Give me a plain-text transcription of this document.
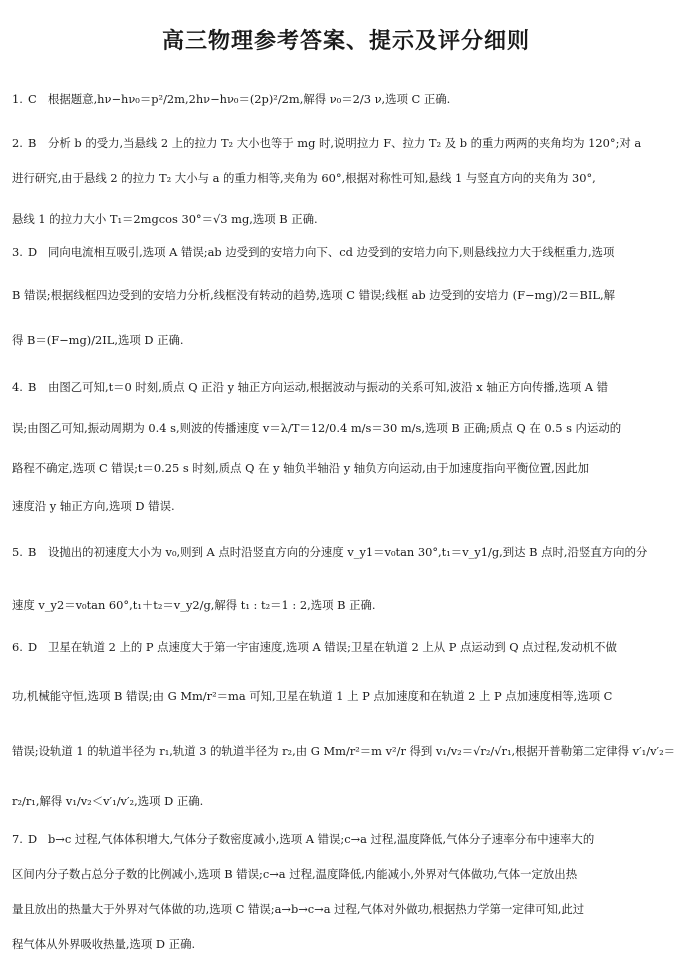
高三物理参考答案、提示及评分细则
1. C 根据题意,hν−hν₀＝p²/2m,2hν−hν₀＝(2p)²/2m,解得 ν₀＝2/3 ν,选项 C 正确.
2. B 分析 b 的受力,当悬线 2 上的拉力 T₂ 大小也等于 mg 时,说明拉力 F、拉力 T₂ 及 b 的重力两两的夹角均为 120°;对 a
进行研究,由于悬线 2 的拉力 T₂ 大小与 a 的重力相等,夹角为 60°,根据对称性可知,悬线 1 与竖直方向的夹角为 30°,
悬线 1 的拉力大小 T₁＝2mgcos 30°＝√3 mg,选项 B 正确.
3. D 同向电流相互吸引,选项 A 错误;ab 边受到的安培力向下、cd 边受到的安培力向下,则悬线拉力大于线框重力,选项
B 错误;根据线框四边受到的安培力分析,线框没有转动的趋势,选项 C 错误;线框 ab 边受到的安培力 (F−mg)/2＝BIL,解
得 B＝(F−mg)/2IL,选项 D 正确.
4. B 由图乙可知,t＝0 时刻,质点 Q 正沿 y 轴正方向运动,根据波动与振动的关系可知,波沿 x 轴正方向传播,选项 A 错
误;由图乙可知,振动周期为 0.4 s,则波的传播速度 v＝λ/T＝12/0.4 m/s＝30 m/s,选项 B 正确;质点 Q 在 0.5 s 内运动的
路程不确定,选项 C 错误;t＝0.25 s 时刻,质点 Q 在 y 轴负半轴沿 y 轴负方向运动,由于加速度指向平衡位置,因此加
速度沿 y 轴正方向,选项 D 错误.
5. B 设抛出的初速度大小为 v₀,则到 A 点时沿竖直方向的分速度 v_y1＝v₀tan 30°,t₁＝v_y1/g,到达 B 点时,沿竖直方向的分
速度 v_y2＝v₀tan 60°,t₁＋t₂＝v_y2/g,解得 t₁ : t₂＝1 : 2,选项 B 正确.
6. D 卫星在轨道 2 上的 P 点速度大于第一宇宙速度,选项 A 错误;卫星在轨道 2 上从 P 点运动到 Q 点过程,发动机不做
功,机械能守恒,选项 B 错误;由 G Mm/r²＝ma 可知,卫星在轨道 1 上 P 点加速度和在轨道 2 上 P 点加速度相等,选项 C
错误;设轨道 1 的轨道半径为 r₁,轨道 3 的轨道半径为 r₂,由 G Mm/r²＝m v²/r 得到 v₁/v₂＝√r₂/√r₁,根据开普勒第二定律得 v′₁/v′₂＝
r₂/r₁,解得 v₁/v₂＜v′₁/v′₂,选项 D 正确.
7. D b→c 过程,气体体积增大,气体分子数密度减小,选项 A 错误;c→a 过程,温度降低,气体分子速率分布中速率大的
区间内分子数占总分子数的比例减小,选项 B 错误;c→a 过程,温度降低,内能减小,外界对气体做功,气体一定放出热
量且放出的热量大于外界对气体做的功,选项 C 错误;a→b→c→a 过程,气体对外做功,根据热力学第一定律可知,此过
程气体从外界吸收热量,选项 D 正确.
